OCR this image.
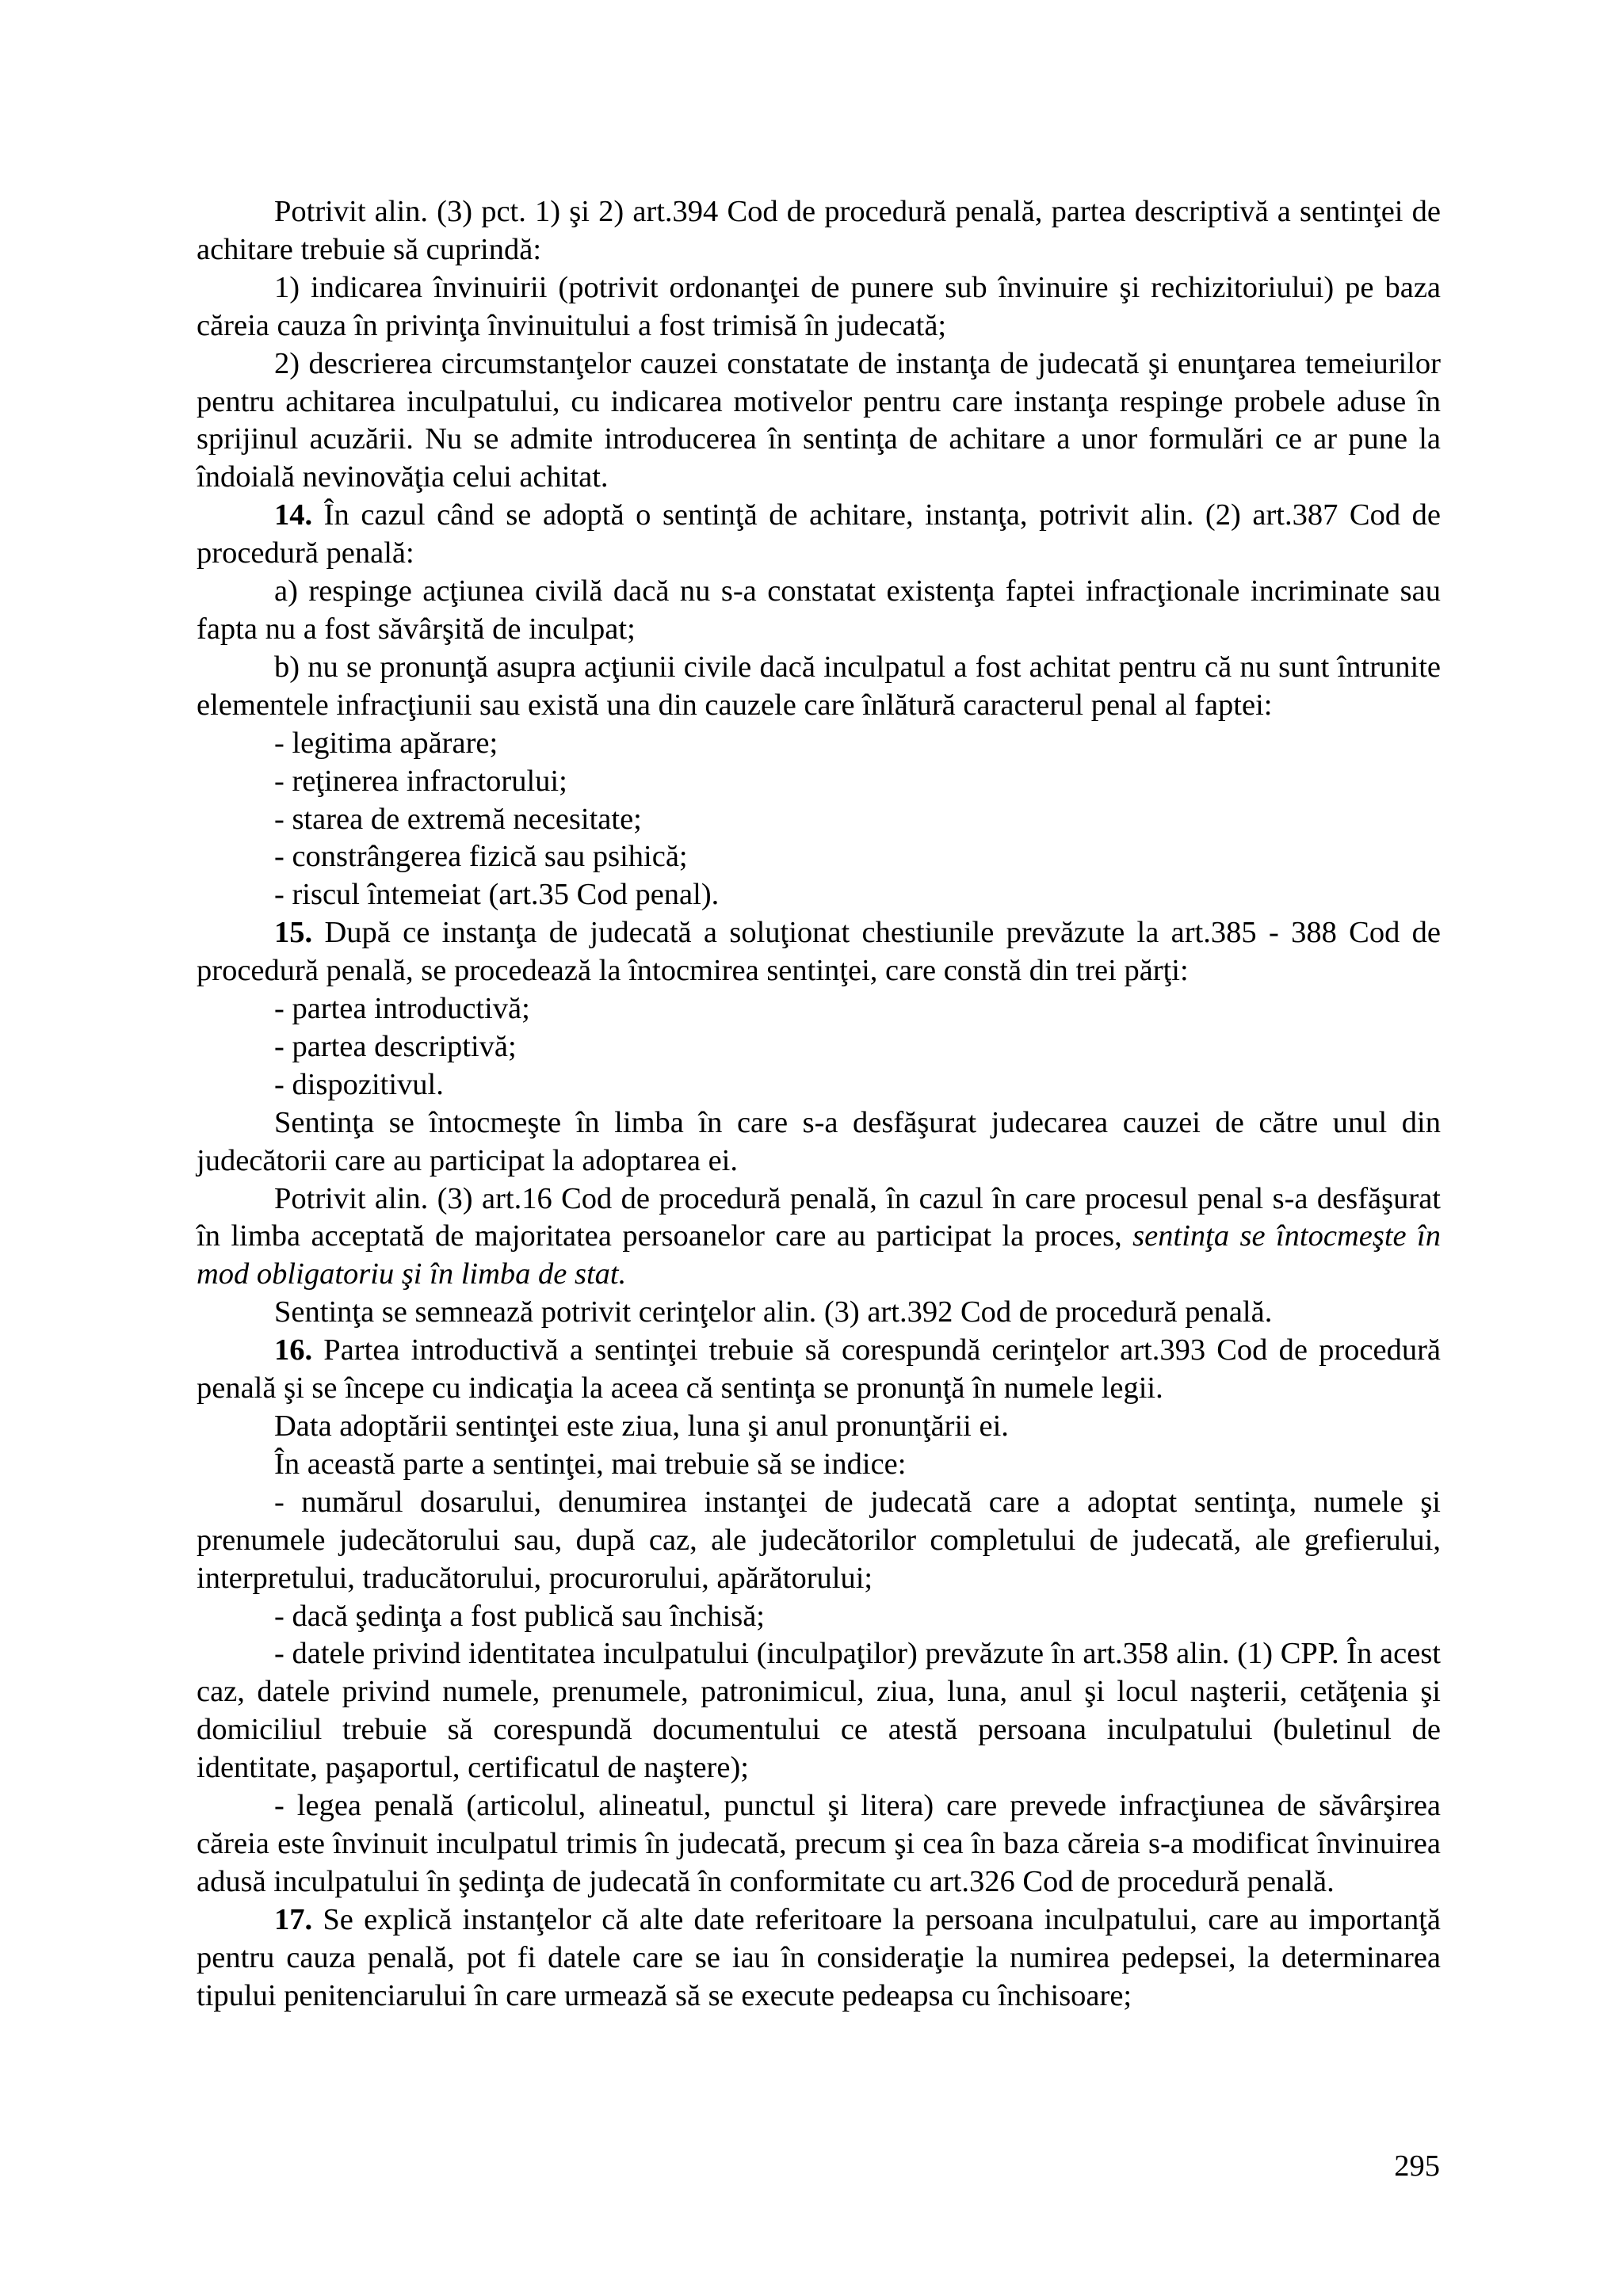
Potrivit alin. (3) pct. 1) şi 2) art.394 Cod de procedură penală, partea descriptivă a sentinţei de achitare trebuie să cuprindă:

1) indicarea învinuirii (potrivit ordonanţei de punere sub învinuire şi rechizitoriului) pe baza căreia cauza în privinţa învinuitului a fost trimisă în judecată;

2) descrierea circumstanţelor cauzei constatate de instanţa de judecată şi enunţarea temeiurilor pentru achitarea inculpatului, cu indicarea motivelor pentru care instanţa respinge probele aduse în sprijinul acuzării. Nu se admite introducerea în sentinţa de achitare a unor formulări ce ar pune la îndoială nevinovăţia celui achitat.

14. În cazul când se adoptă o sentinţă de achitare, instanţa, potrivit alin. (2) art.387 Cod de procedură penală:

a) respinge acţiunea civilă dacă nu s-a constatat existenţa faptei infracţionale incriminate sau fapta nu a fost săvârşită de inculpat;

b) nu se pronunţă asupra acţiunii civile dacă inculpatul a fost achitat pentru că nu sunt întrunite elementele infracţiunii sau există una din cauzele care înlătură caracterul penal al faptei:

- legitima apărare;

- reţinerea infractorului;

- starea de extremă necesitate;

- constrângerea fizică sau psihică;

- riscul întemeiat (art.35 Cod penal).

15. După ce instanţa de judecată a soluţionat chestiunile prevăzute la art.385 - 388 Cod de procedură penală, se procedează la întocmirea sentinţei, care constă din trei părţi:

- partea introductivă;

- partea descriptivă;

- dispozitivul.

Sentinţa se întocmeşte în limba în care s-a desfăşurat judecarea cauzei de către unul din judecătorii care au participat la adoptarea ei.

Potrivit alin. (3) art.16 Cod de procedură penală, în cazul în care procesul penal s-a desfăşurat în limba acceptată de majoritatea persoanelor care au participat la proces, sentinţa se întocmeşte în mod obligatoriu şi în limba de stat.

Sentinţa se semnează potrivit cerinţelor alin. (3) art.392 Cod de procedură penală.

16. Partea introductivă a sentinţei trebuie să corespundă cerinţelor art.393 Cod de procedură penală şi se începe cu indicaţia la aceea că sentinţa se pronunţă în numele legii.

Data adoptării sentinţei este ziua, luna şi anul pronunţării ei.

În această parte a sentinţei, mai trebuie să se indice:

- numărul dosarului, denumirea instanţei de judecată care a adoptat sentinţa, numele şi prenumele judecătorului sau, după caz, ale judecătorilor completului de judecată, ale grefierului, interpretului, traducătorului, procurorului, apărătorului;

- dacă şedinţa a fost publică sau închisă;

- datele privind identitatea inculpatului (inculpaţilor) prevăzute în art.358 alin. (1) CPP. În acest caz, datele privind numele, prenumele, patronimicul, ziua, luna, anul şi locul naşterii, cetăţenia şi domiciliul trebuie să corespundă documentului ce atestă persoana inculpatului (buletinul de identitate, paşaportul, certificatul de naştere);

- legea penală (articolul, alineatul, punctul şi litera) care prevede infracţiunea de săvârşirea căreia este învinuit inculpatul trimis în judecată, precum şi cea în baza căreia s-a modificat învinuirea adusă inculpatului în şedinţa de judecată în conformitate cu art.326 Cod de procedură penală.

17. Se explică instanţelor că alte date referitoare la persoana inculpatului, care au importanţă pentru cauza penală, pot fi datele care se iau în consideraţie la numirea pedepsei, la determinarea tipului penitenciarului în care urmează să se execute pedeapsa cu închisoare;

295
